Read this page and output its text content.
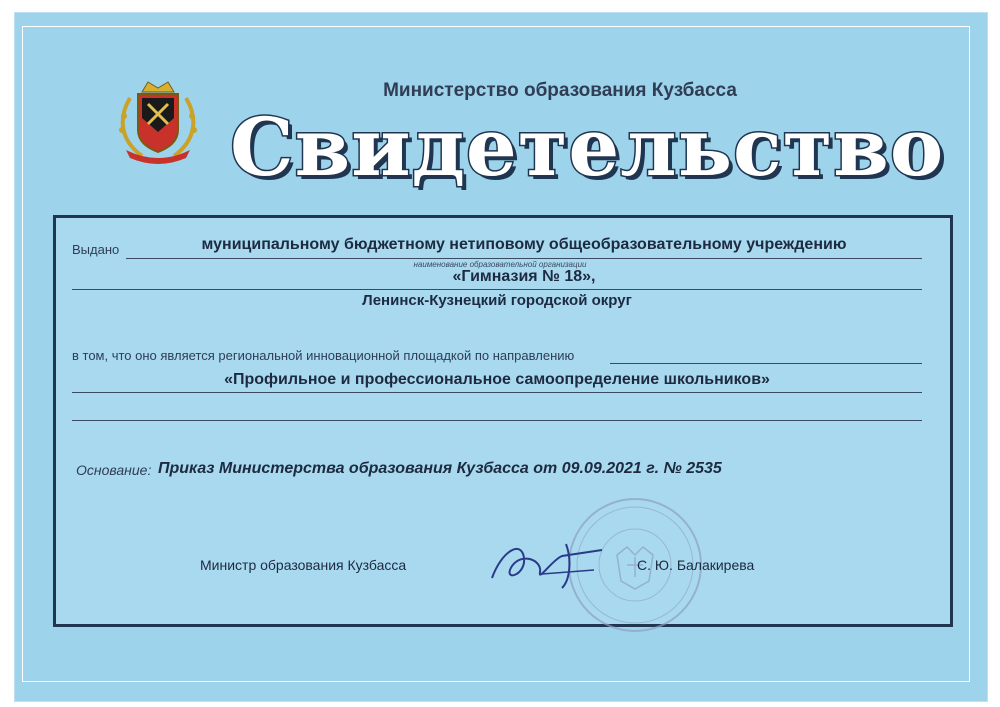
Министерство образования Кузбасса
Свидетельство
Выдано	муниципальному бюджетному нетиповому общеобразовательному учреждению
наименование образовательной организации
«Гимназия № 18»,
Ленинск-Кузнецкий городской округ
в том, что оно является региональной инновационной площадкой по направлению
«Профильное и профессиональное самоопределение школьников»
Основание: Приказ Министерства образования Кузбасса от 09.09.2021 г. № 2535
Министр образования Кузбасса	С. Ю. Балакирева
